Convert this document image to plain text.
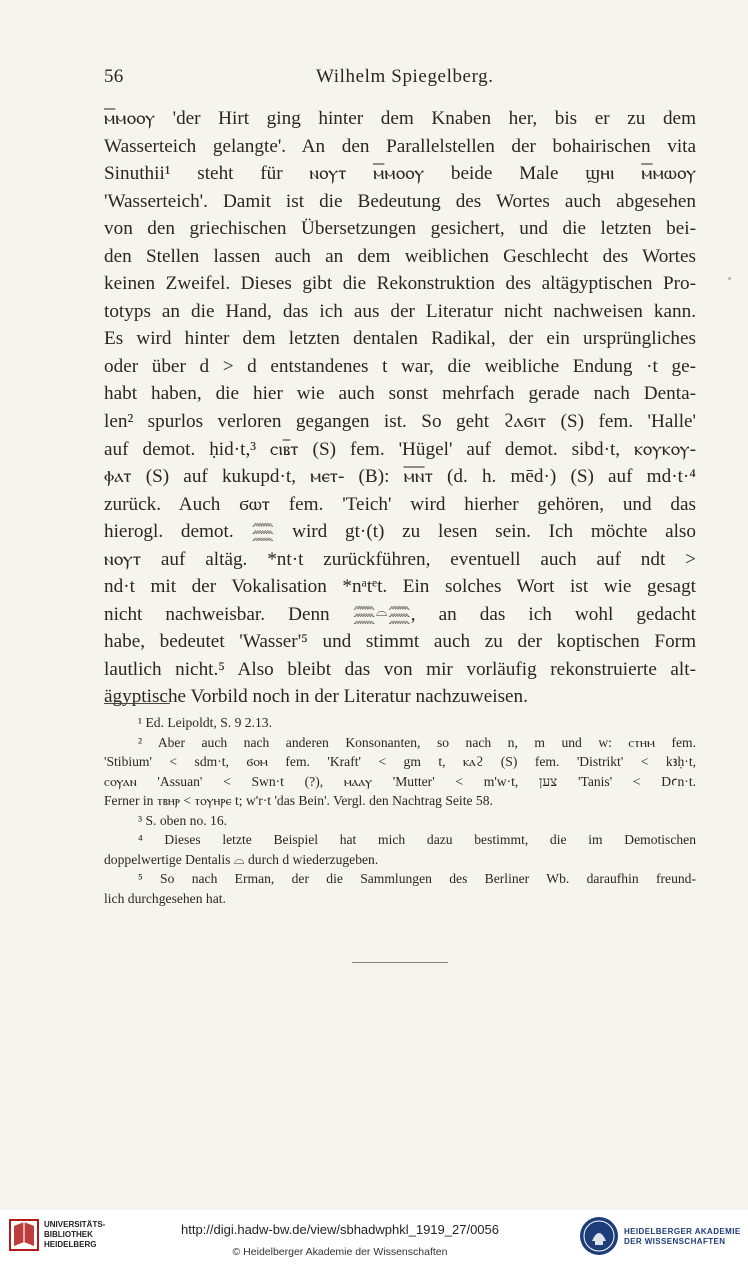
56	Wilhelm Spiegelberg.

ⲙ̅ⲙⲟⲟⲩ 'der Hirt ging hinter dem Knaben her, bis er zu dem
Wasserteich gelangte'. An den Parallelstellen der bohairischen vita
Sinuthii¹ steht für ⲛⲟⲩⲧ ⲙ̅ⲙⲟⲟⲩ beide Male ϣⲏⲓ ⲙ̅ⲙⲱⲟⲩ
'Wasserteich'. Damit ist die Bedeutung des Wortes auch abgesehen
von den griechischen Übersetzungen gesichert, und die letzten bei-
den Stellen lassen auch an dem weiblichen Geschlecht des Wortes
keinen Zweifel. Dieses gibt die Rekonstruktion des altägyptischen Pro-
totyps an die Hand, das ich aus der Literatur nicht nachweisen kann.
Es wird hinter dem letzten dentalen Radikal, der ein ursprüngliches
oder über d > d entstandenes t war, die weibliche Endung ·t ge-
habt haben, die hier wie auch sonst mehrfach gerade nach Denta-
len² spurlos verloren gegangen ist. So geht ϩⲁϭⲓⲧ (S) fem. 'Halle'
auf demot. ḥid·t,³ ⲥⲓⲃ̅ⲧ (S) fem. 'Hügel' auf demot. sibd·t, ⲕⲟⲩⲕⲟⲩ-
ⲫⲁⲧ (S) auf kukupd·t, ⲙⲉⲧ- (B): ⲙ̅ⲛ̅ⲧ (d. h. mēd·) (S) auf md·t·⁴
zurück. Auch ϭⲱⲧ fem. 'Teich' wird hierher gehören, und das
hierogl. demot. 𓈗 wird gt·(t) zu lesen sein. Ich möchte also
ⲛⲟⲩⲧ auf altäg. *nt·t zurückführen, eventuell auch auf ndt >
nd·t mit der Vokalisation *nᵃtᵉt. Ein solches Wort ist wie gesagt
nicht nachweisbar. Denn 𓈗𓏏𓈗, an das ich wohl gedacht
habe, bedeutet 'Wasser'⁵ und stimmt auch zu der koptischen Form
lautlich nicht.⁵ Also bleibt das von mir vorläufig rekonstruierte alt-
ägyptische Vorbild noch in der Literatur nachzuweisen.

¹ Ed. Leipoldt, S. 9 2.13.
² Aber auch nach anderen Konsonanten, so nach n, m und w: ⲥⲧⲏⲙ fem.
'Stibium' < sdm·t, ϭⲟⲙ fem. 'Kraft' < gm t, ⲕⲁϩ (S) fem. 'Distrikt' < kꜣḥ·t,
ⲥⲟⲩⲁⲛ 'Assuan' < Swn·t (?), ⲙⲁⲁⲩ 'Mutter' < m'w·t, צען 'Tanis' < Dꜥn·t.
Ferner in ⲧⲃⲏⲣ < ⲧⲟⲩⲏⲣⲉ t; w'r·t 'das Bein'. Vergl. den Nachtrag Seite 58.
³ S. oben no. 16.
⁴ Dieses letzte Beispiel hat mich dazu bestimmt, die im Demotischen
doppelwertige Dentalis ⌓ durch d wiederzugeben.
⁵ So nach Erman, der die Sammlungen des Berliner Wb. daraufhin freund-
lich durchgesehen hat.
UNIVERSITÄTS-
BIBLIOTHEK
HEIDELBERG
http://digi.hadw-bw.de/view/sbhadwphkl_1919_27/0056
© Heidelberger Akademie der Wissenschaften
HEIDELBERGER AKADEMIE
DER WISSENSCHAFTEN
